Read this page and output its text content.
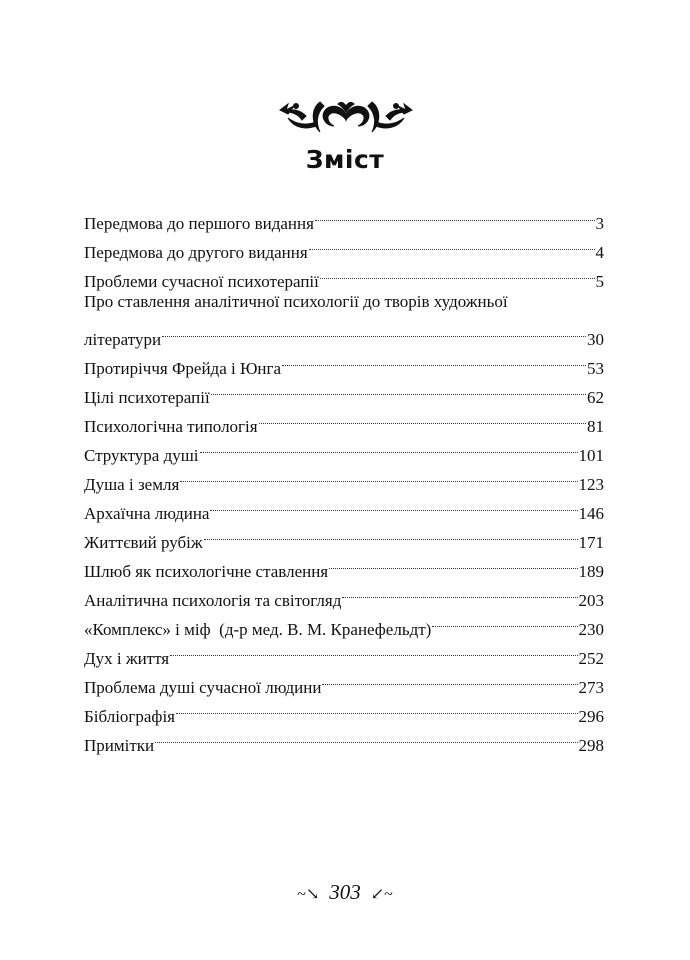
Зміст
Передмова до першого видання	3
Передмова до другого видання	4
Проблеми сучасної психотерапії	5
Про ставлення аналітичної психології до творів художньої
літератури	30
Протиріччя Фрейда і Юнга	53
Цілі психотерапії	62
Психологічна типологія	81
Структура душі	101
Душа і земля	123
Архаїчна людина	146
Життєвий рубіж	171
Шлюб як психологічне ставлення	189
Аналітична психологія та світогляд	203
«Комплекс» і міф  (д-р мед. В. М. Кранефельдт)	230
Дух і життя	252
Проблема душі сучасної людини	273
Бібліографія	296
Примітки	298
~↘ 303 ↙~
